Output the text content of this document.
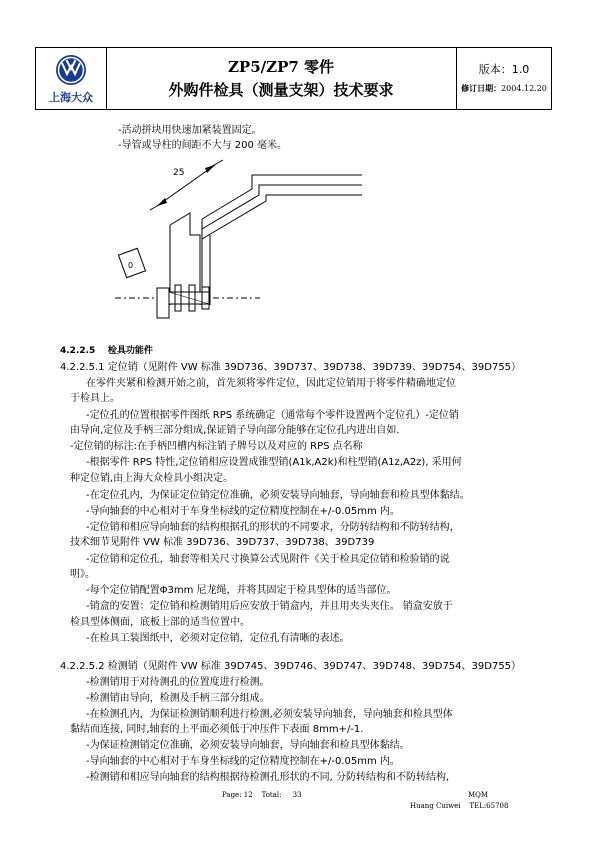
上海大众
ZP5/ZP7 零件
外购件检具（测量支架）技术要求
版本：1.0
修订日期：2004.12.20
-活动拼块用快速加紧装置固定。
-导管或导柱的间距不大与 200 毫米。
25
0
4.2.2.5 检具功能件
4.2.2.5.1 定位销（见附件 VW 标准 39D736、39D737、39D738、39D739、39D754、39D755）
在零件夹紧和检测开始之前，首先须将零件定位，因此定位销用于将零件精确地定位
于检具上。
-定位孔的位置根据零件图纸 RPS 系统确定（通常每个零件设置两个定位孔）-定位销
由导向,定位及手柄三部分组成,保证销子导向部分能够在定位孔内进出自如.
-定位销的标注:在手柄凹槽内标注销子牌号以及对应的 RPS 点名称
-根据零件 RPS 特性,定位销相应设置成锥型销(A1k,A2k)和柱型销(A1z,A2z), 采用何
种定位销,由上海大众检具小组决定。
-在定位孔内，为保证定位销定位准确，必须安装导向轴套，导向轴套和检具型体黏结。
-导向轴套的中心相对于车身坐标线的定位精度控制在+/-0.05mm 内。
-定位销和相应导向轴套的结构根据孔的形状的不同要求，分防转结构和不防转结构，
技术细节见附件 VW 标准 39D736、39D737、39D738、39D739
-定位销和定位孔，轴套等相关尺寸换算公式见附件《关于检具定位销和检验销的说
明》。
-每个定位销配置Φ3mm 尼龙绳，并将其固定于检具型体的适当部位。
-销盒的安置：定位销和检测销用后应安放于销盒内，并且用夹头夹住。 销盒安放于
检具型体侧面，底板上部的适当位置中。
-在检具工装图纸中，必须对定位销，定位孔有清晰的表述。
4.2.2.5.2 检测销（见附件 VW 标准 39D745、39D746、39D747、39D748、39D754、39D755）
-检测销用于对待测孔的位置度进行检测。
-检测销由导向，检测及手柄三部分组成。
-在检测孔内，为保证检测销顺利进行检测,必须安装导向轴套，导向轴套和检具型体
黏结而连接, 同时,轴套的上平面必须低于冲压件下表面 8mm+/-1.
-为保证检测销定位准确，必须安装导向轴套，导向轴套和检具型体黏结。
-导向轴套的中心相对于车身坐标线的定位精度控制在+/-0.05mm 内。
-检测销和相应导向轴套的结构根据待检测孔形状的不同, 分防转结构和不防转结构,
Page: 12 Total: 33	MQM
Huang Cuiwei TEL:65708
